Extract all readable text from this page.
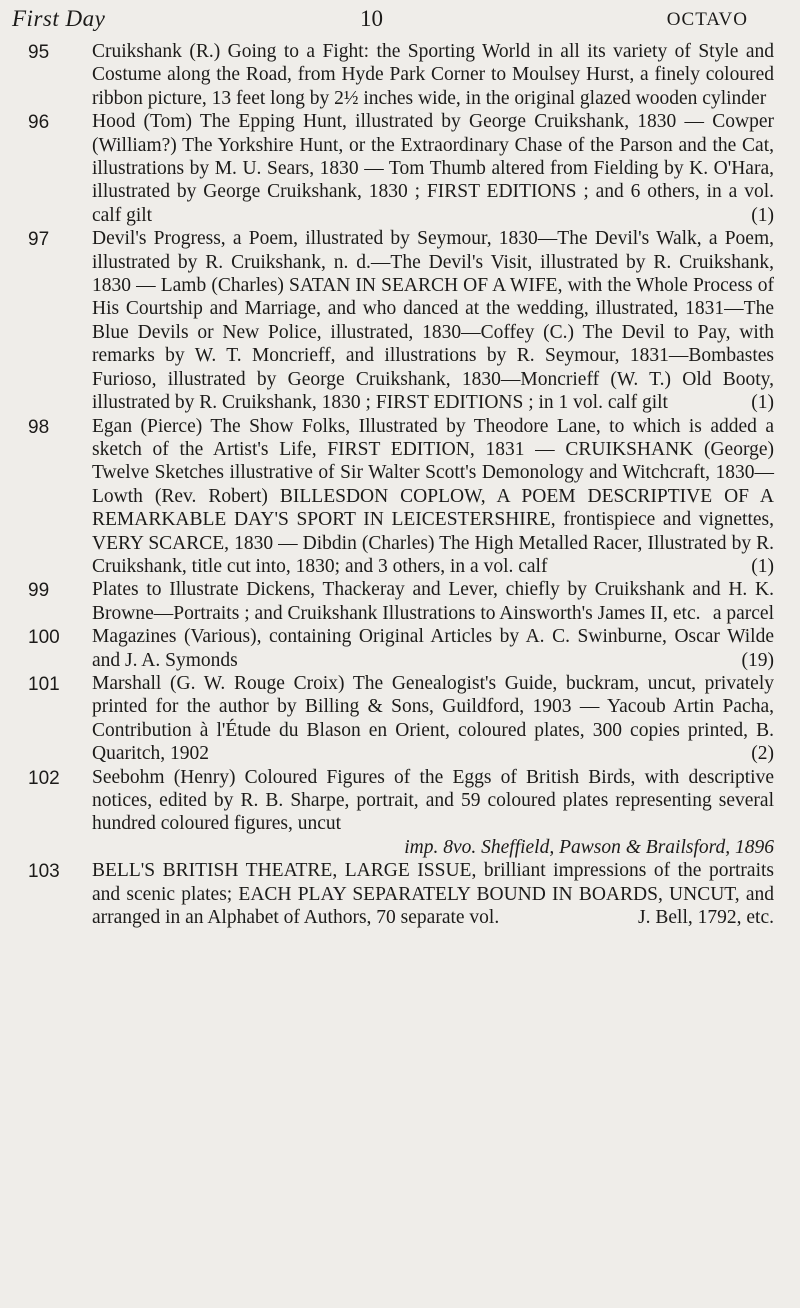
First Day	10	OCTAVO
95 Cruikshank (R.) Going to a Fight: the Sporting World in all its variety of Style and Costume along the Road, from Hyde Park Corner to Moulsey Hurst, a finely coloured ribbon picture, 13 feet long by 2½ inches wide, in the original glazed wooden cylinder
96 Hood (Tom) The Epping Hunt, illustrated by George Cruikshank, 1830 — Cowper (William?) The Yorkshire Hunt, or the Extraordinary Chase of the Parson and the Cat, illustrations by M. U. Sears, 1830 — Tom Thumb altered from Fielding by K. O'Hara, illustrated by George Cruikshank, 1830 ; FIRST EDITIONS ; and 6 others, in a vol. calf gilt	(1)
97 Devil's Progress, a Poem, illustrated by Seymour, 1830—The Devil's Walk, a Poem, illustrated by R. Cruikshank, n. d.—The Devil's Visit, illustrated by R. Cruikshank, 1830 — Lamb (Charles) SATAN IN SEARCH OF A WIFE, with the Whole Process of His Courtship and Marriage, and who danced at the wedding, illustrated, 1831—The Blue Devils or New Police, illustrated, 1830—Coffey (C.) The Devil to Pay, with remarks by W. T. Moncrieff, and illustrations by R. Seymour, 1831—Bombastes Furioso, illustrated by George Cruikshank, 1830—Moncrieff (W. T.) Old Booty, illustrated by R. Cruikshank, 1830 ; FIRST EDITIONS ; in 1 vol. calf gilt	(1)
98 Egan (Pierce) The Show Folks, Illustrated by Theodore Lane, to which is added a sketch of the Artist's Life, FIRST EDITION, 1831 — CRUIKSHANK (George) Twelve Sketches illustrative of Sir Walter Scott's Demonology and Witchcraft, 1830—Lowth (Rev. Robert) BILLESDON COPLOW, A POEM DESCRIPTIVE OF A REMARKABLE DAY'S SPORT IN LEICESTERSHIRE, frontispiece and vignettes, VERY SCARCE, 1830 — Dibdin (Charles) The High Metalled Racer, Illustrated by R. Cruikshank, title cut into, 1830; and 3 others, in a vol. calf	(1)
99 Plates to Illustrate Dickens, Thackeray and Lever, chiefly by Cruikshank and H. K. Browne—Portraits ; and Cruikshank Illustrations to Ainsworth's James II, etc. a parcel
100 Magazines (Various), containing Original Articles by A. C. Swinburne, Oscar Wilde and J. A. Symonds	(19)
101 Marshall (G. W. Rouge Croix) The Genealogist's Guide, buckram, uncut, privately printed for the author by Billing & Sons, Guildford, 1903 — Yacoub Artin Pacha, Contribution à l'Étude du Blason en Orient, coloured plates, 300 copies printed, B. Quaritch, 1902	(2)
102 Seebohm (Henry) Coloured Figures of the Eggs of British Birds, with descriptive notices, edited by R. B. Sharpe, portrait, and 59 coloured plates representing several hundred coloured figures, uncut
imp. 8vo. Sheffield, Pawson & Brailsford, 1896
103 BELL'S BRITISH THEATRE, LARGE ISSUE, brilliant impressions of the portraits and scenic plates; EACH PLAY SEPARATELY BOUND IN BOARDS, UNCUT, and arranged in an Alphabet of Authors, 70 separate vol.	J. Bell, 1792, etc.
